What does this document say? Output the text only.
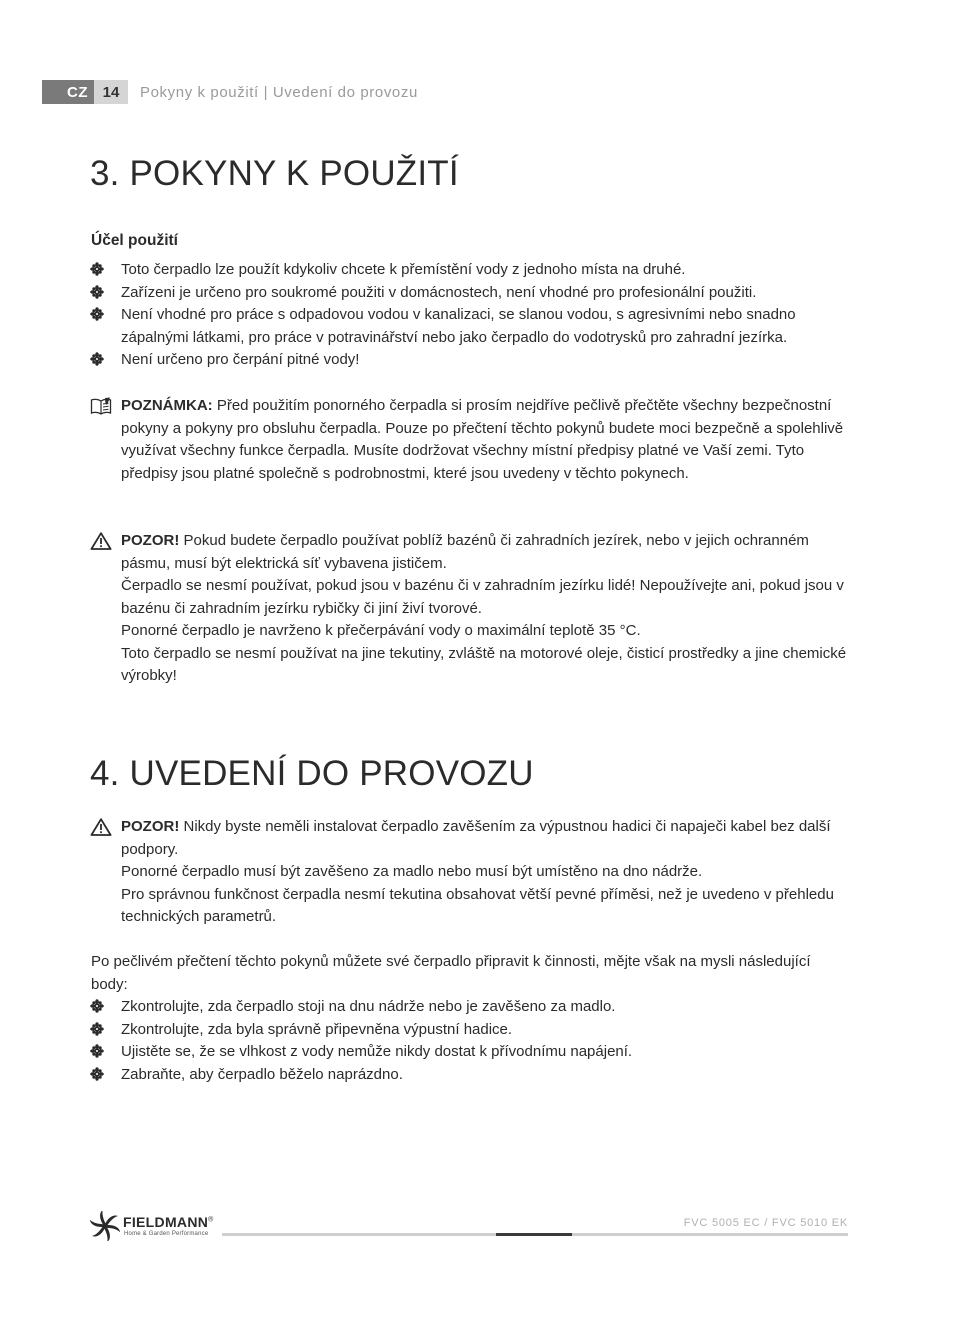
CZ 14	Pokyny k použití | Uvedení do provozu
3. POKYNY K POUŽITÍ
Účel použití
Toto čerpadlo lze použít kdykoliv chcete k přemístění vody z jednoho místa na druhé.
Zařízeni je určeno pro soukromé použiti v domácnostech, není vhodné pro profesionální použiti.
Není vhodné pro práce s odpadovou vodou v kanalizaci, se slanou vodou, s agresivními nebo snadno zápalnými látkami, pro práce v potravinářství nebo jako čerpadlo do vodotrysků pro zahradní jezírka.
Není určeno pro čerpání pitné vody!

POZNÁMKA: Před použitím ponorného čerpadla si prosím nejdříve pečlivě přečtěte všechny bezpečnostní pokyny a pokyny pro obsluhu čerpadla. Pouze po přečtení těchto pokynů budete moci bezpečně a spolehlivě využívat všechny funkce čerpadla. Musíte dodržovat všechny místní předpisy platné ve Vaší zemi. Tyto předpisy jsou platné společně s podrobnostmi, které jsou uvedeny v těchto pokynech.

POZOR! Pokud budete čerpadlo používat poblíž bazénů či zahradních jezírek, nebo v jejich ochranném pásmu, musí být elektrická síť vybavena jističem.

Čerpadlo se nesmí používat, pokud jsou v bazénu či v zahradním jezírku lidé! Nepoužívejte ani, pokud jsou v bazénu či zahradním jezírku rybičky či jiní živí tvorové.

Ponorné čerpadlo je navrženo k přečerpávání vody o maximální teplotě 35 °C.

Toto čerpadlo se nesmí používat na jine tekutiny, zvláště na motorové oleje, čisticí prostředky a jine chemické výrobky!

4. UVEDENÍ DO PROVOZU

POZOR! Nikdy byste neměli instalovat čerpadlo zavěšením za výpustnou hadici či napaječi kabel bez další podpory.

Ponorné čerpadlo musí být zavěšeno za madlo nebo musí být umístěno na dno nádrže.

Pro správnou funkčnost čerpadla nesmí tekutina obsahovat větší pevné příměsi, než je uvedeno v přehledu technických parametrů.

Po pečlivém přečtení těchto pokynů můžete své čerpadlo připravit k činnosti, mějte však na mysli následující body:

Zkontrolujte, zda čerpadlo stoji na dnu nádrže nebo je zavěšeno za madlo.
Zkontrolujte, zda byla správně připevněna výpustní hadice.
Ujistěte se, že se vlhkost z vody nemůže nikdy dostat k přívodnímu napájení.
Zabraňte, aby čerpadlo běželo naprázdno.
FIELDMANN®
Home & Garden Performance
FVC 5005 EC / FVC 5010 EK
